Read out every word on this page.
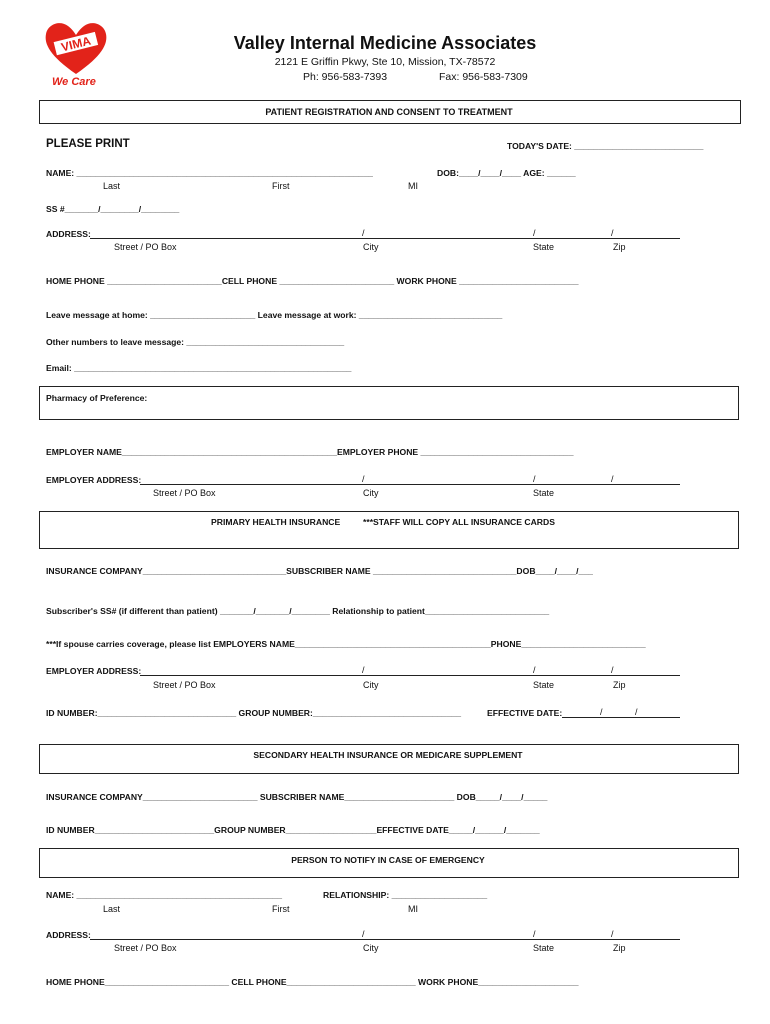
VIMA
We Care
Valley Internal Medicine Associates
2121 E Griffin Pkwy, Ste 10, Mission, TX-78572
Ph: 956-583-7393	Fax: 956-583-7309
PATIENT REGISTRATION AND CONSENT TO TREATMENT
PLEASE PRINT	TODAY'S DATE: ___________________________
NAME: ______________________________________________________________	DOB:____/____/____ AGE: ______
Last	First	MI
SS #_______/________/________
ADDRESS:	/	/	/
Street / PO Box	City	State	Zip
HOME PHONE ________________________CELL PHONE ________________________ WORK PHONE _________________________
Leave message at home: ______________________ Leave message at work: ______________________________
Other numbers to leave message: _________________________________
Email: __________________________________________________________
Pharmacy of Preference:
EMPLOYER NAME_____________________________________________EMPLOYER PHONE ________________________________
EMPLOYER ADDRESS:	/	/	/
Street / PO Box	City	State
PRIMARY HEALTH INSURANCE	***STAFF WILL COPY ALL INSURANCE CARDS
INSURANCE COMPANY______________________________SUBSCRIBER NAME ______________________________DOB____/____/___
Subscriber's SS# (if different than patient) _______/_______/________ Relationship to patient__________________________
***If spouse carries coverage, please list EMPLOYERS NAME_________________________________________PHONE__________________________
EMPLOYER ADDRESS:	/	/	/
Street / PO Box	City	State	Zip
ID NUMBER:_____________________________ GROUP NUMBER:_______________________________	EFFECTIVE DATE:	/	/
SECONDARY HEALTH INSURANCE OR MEDICARE SUPPLEMENT
INSURANCE COMPANY________________________ SUBSCRIBER NAME_______________________ DOB_____/____/_____
ID NUMBER_________________________GROUP NUMBER___________________EFFECTIVE DATE_____/______/_______
PERSON TO NOTIFY IN CASE OF EMERGENCY
NAME: ___________________________________________	RELATIONSHIP: ____________________
Last	First	MI
ADDRESS:	/	/	/
Street / PO Box	City	State	Zip
HOME PHONE__________________________ CELL PHONE___________________________ WORK PHONE_____________________
